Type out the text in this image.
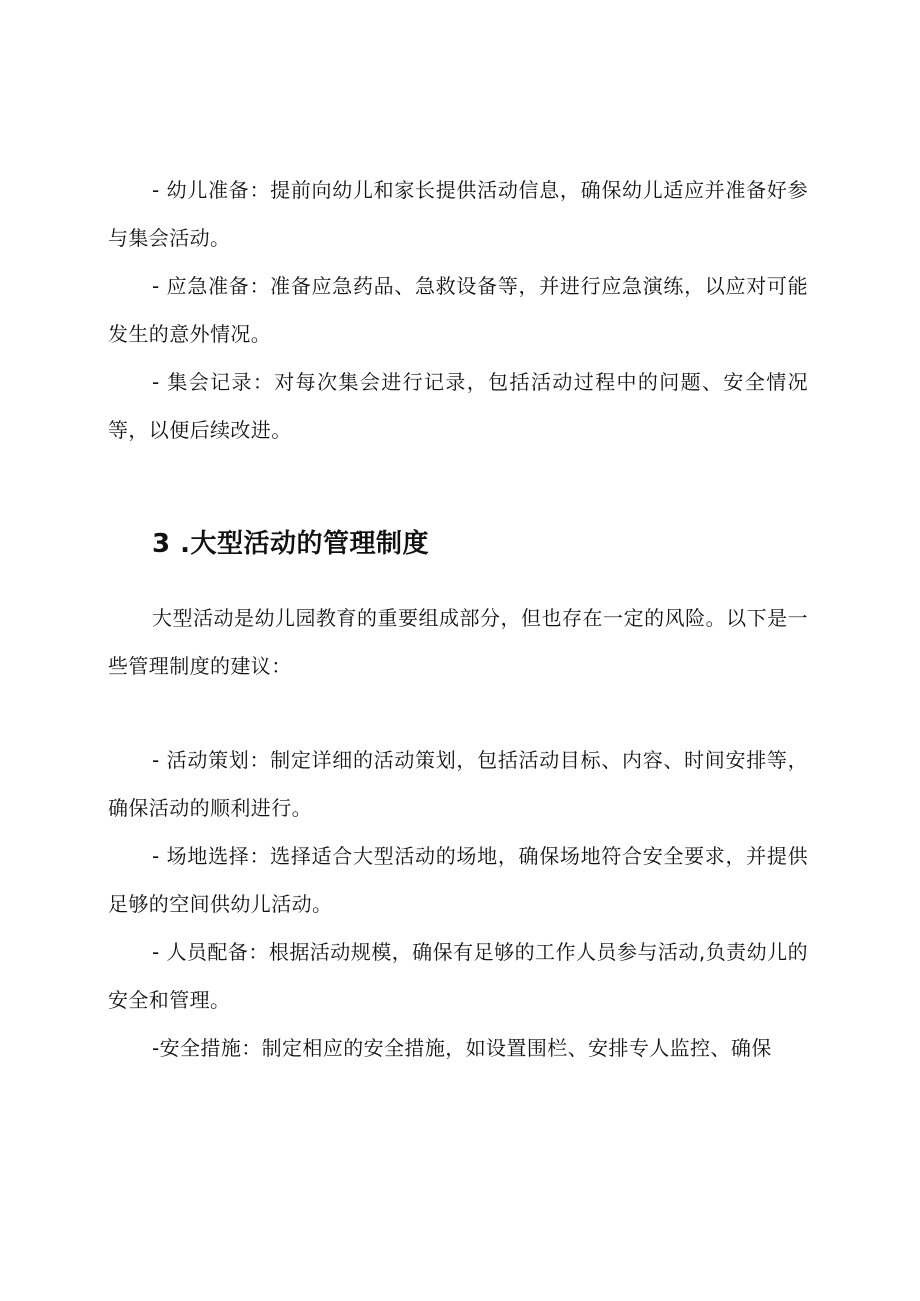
- 幼儿准备：提前向幼儿和家长提供活动信息，确保幼儿适应并准备好参与集会活动。

- 应急准备：准备应急药品、急救设备等，并进行应急演练，以应对可能发生的意外情况。

- 集会记录：对每次集会进行记录，包括活动过程中的问题、安全情况等，以便后续改进。

3 .大型活动的管理制度

大型活动是幼儿园教育的重要组成部分，但也存在一定的风险。以下是一些管理制度的建议：

- 活动策划：制定详细的活动策划，包括活动目标、内容、时间安排等，确保活动的顺利进行。

- 场地选择：选择适合大型活动的场地，确保场地符合安全要求，并提供足够的空间供幼儿活动。

- 人员配备：根据活动规模，确保有足够的工作人员参与活动,负责幼儿的安全和管理。

-安全措施：制定相应的安全措施，如设置围栏、安排专人监控、确保
